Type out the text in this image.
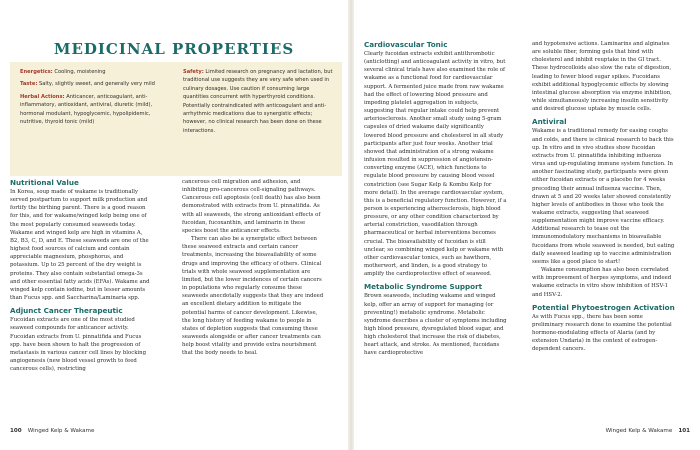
MEDICINAL PROPERTIES

Energetics: Cooling, moistening

Taste: Salty, slightly sweet, and generally very mild

Herbal Actions: Anticancer, anticoagulant, anti-inflammatory, antioxidant, antiviral, diuretic (mild), hormonal modulant, hypoglycemic, hypolipidemic, nutritive, thyroid tonic (mild)

Safety: Limited research on pregnancy and lactation, but traditional use suggests they are very safe when used in culinary dosages. Use caution if consuming large quantities concurrent with hyperthyroid conditions. Potentially contraindicated with anticoagulant and anti-arrhythmic medications due to synergistic effects; however, no clinical research has been done on these interactions.

Nutritional Value

In Korea, soup made of wakame is traditionally served postpartum to support milk production and fortify the birthing parent. There is a good reason for this, and for wakame/winged kelp being one of the most popularly consumed seaweeds today. Wakame and winged kelp are high in vitamins A, B2, B3, C, D, and E. These seaweeds are one of the highest food sources of calcium and contain appreciable magnesium, phosphorus, and potassium. Up to 25 percent of the dry weight is proteins. They also contain substantial omega-3s and other essential fatty acids (EFAs). Wakame and winged kelp contain iodine, but in lesser amounts than Fucus spp. and Saccharina/Laminaria spp.

Adjunct Cancer Therapeutic

Fucoidan extracts are one of the most studied seaweed compounds for anticancer activity. Fucoidan extracts from U. pinnatifida and Fucus spp. have been shown to halt the progression of metastasis in various cancer cell lines by blocking angiogenesis (new blood vessel growth to feed cancerous cells), restricting

cancerous cell migration and adhesion, and inhibiting pro-cancerous cell-signaling pathways. Cancerous cell apoptosis (cell death) has also been demonstrated with extracts from U. pinnatifida. As with all seaweeds, the strong antioxidant effects of fucoidan, fucoxanthin, and laminarin in these species boost the anticancer effects.

There can also be a synergistic effect between these seaweed extracts and certain cancer treatments, increasing the bioavailability of some drugs and improving the efficacy of others. Clinical trials with whole seaweed supplementation are limited, but the lower incidences of certain cancers in populations who regularly consume these seaweeds anecdotally suggests that they are indeed an excellent dietary addition to mitigate the potential harms of cancer development. Likewise, the long history of feeding wakame to people in states of depletion suggests that consuming these seaweeds alongside or after cancer treatments can help boost vitality and provide extra nourishment that the body needs to heal.

100 Winged Kelp & Wakame
Cardiovascular Tonic

Clearly fucoidan extracts exhibit antithrombotic (anticlotting) and anticoagulant activity in vitro, but several clinical trials have also examined the role of wakame as a functional food for cardiovascular support. A fermented juice made from raw wakame had the effect of lowering blood pressure and impeding platelet aggregation in subjects, suggesting that regular intake could help prevent arteriosclerosis. Another small study using 5-gram capsules of dried wakame daily significantly lowered blood pressure and cholesterol in all study participants after just four weeks. Another trial showed that administration of a strong wakame infusion resulted in suppression of angiotensin-converting enzyme (ACE), which functions to regulate blood pressure by causing blood vessel constriction (see Sugar Kelp & Kombu Kelp for more detail). In the average cardiovascular system, this is a beneficial regulatory function. However, if a person is experiencing atherosclerosis, high blood pressure, or any other condition characterized by arterial constriction, vasodilation through pharmaceutical or herbal interventions becomes crucial. The bioavailability of fucoidan is still unclear, so combining winged kelp or wakame with other cardiovascular tonics, such as hawthorn, motherwort, and linden, is a good strategy to amplify the cardioprotective effect of seaweed.

Metabolic Syndrome Support

Brown seaweeds, including wakame and winged kelp, offer an array of support for managing (or preventing!) metabolic syndrome. Metabolic syndrome describes a cluster of symptoms including high blood pressure, dysregulated blood sugar, and high cholesterol that increase the risk of diabetes, heart attack, and stroke. As mentioned, fucoidans have cardioprotective

and hypotensive actions. Laminarins and alginates are soluble fiber, forming gels that bind with cholesterol and inhibit reuptake in the GI tract. These hydrocolloids also slow the rate of digestion, leading to fewer blood sugar spikes. Fucoidans exhibit additional hypoglycemic effects by slowing intestinal glucose absorption via enzyme inhibition, while simultaneously increasing insulin sensitivity and desired glucose uptake by muscle cells.

Antiviral

Wakame is a traditional remedy for easing coughs and colds, and there is clinical research to back this up. In vitro and in vivo studies show fucoidan extracts from U. pinnatifida inhibiting influenza virus and up-regulating immune system function. In another fascinating study, participants were given either fucoidan extracts or a placebo for 4 weeks preceding their annual influenza vaccine. Then, drawn at 5 and 20 weeks later showed consistently higher levels of antibodies in those who took the wakame extracts, suggesting that seaweed supplementation might improve vaccine efficacy. Additional research to tease out the immunomodulatory mechanisms in bioavailable fucoidans from whole seaweed is needed, but eating daily seaweed leading up to vaccine administration seems like a good place to start!

Wakame consumption has also been correlated with improvement of herpes symptoms, and indeed wakame extracts in vitro show inhibition of HSV-1 and HSV-2.

Potential Phytoestrogen Activation

As with Fucus spp., there has been some preliminary research done to examine the potential hormone-modulating effects of Alaria (and by extension Undaria) in the context of estrogen-dependent cancers.

Winged Kelp & Wakame 101
